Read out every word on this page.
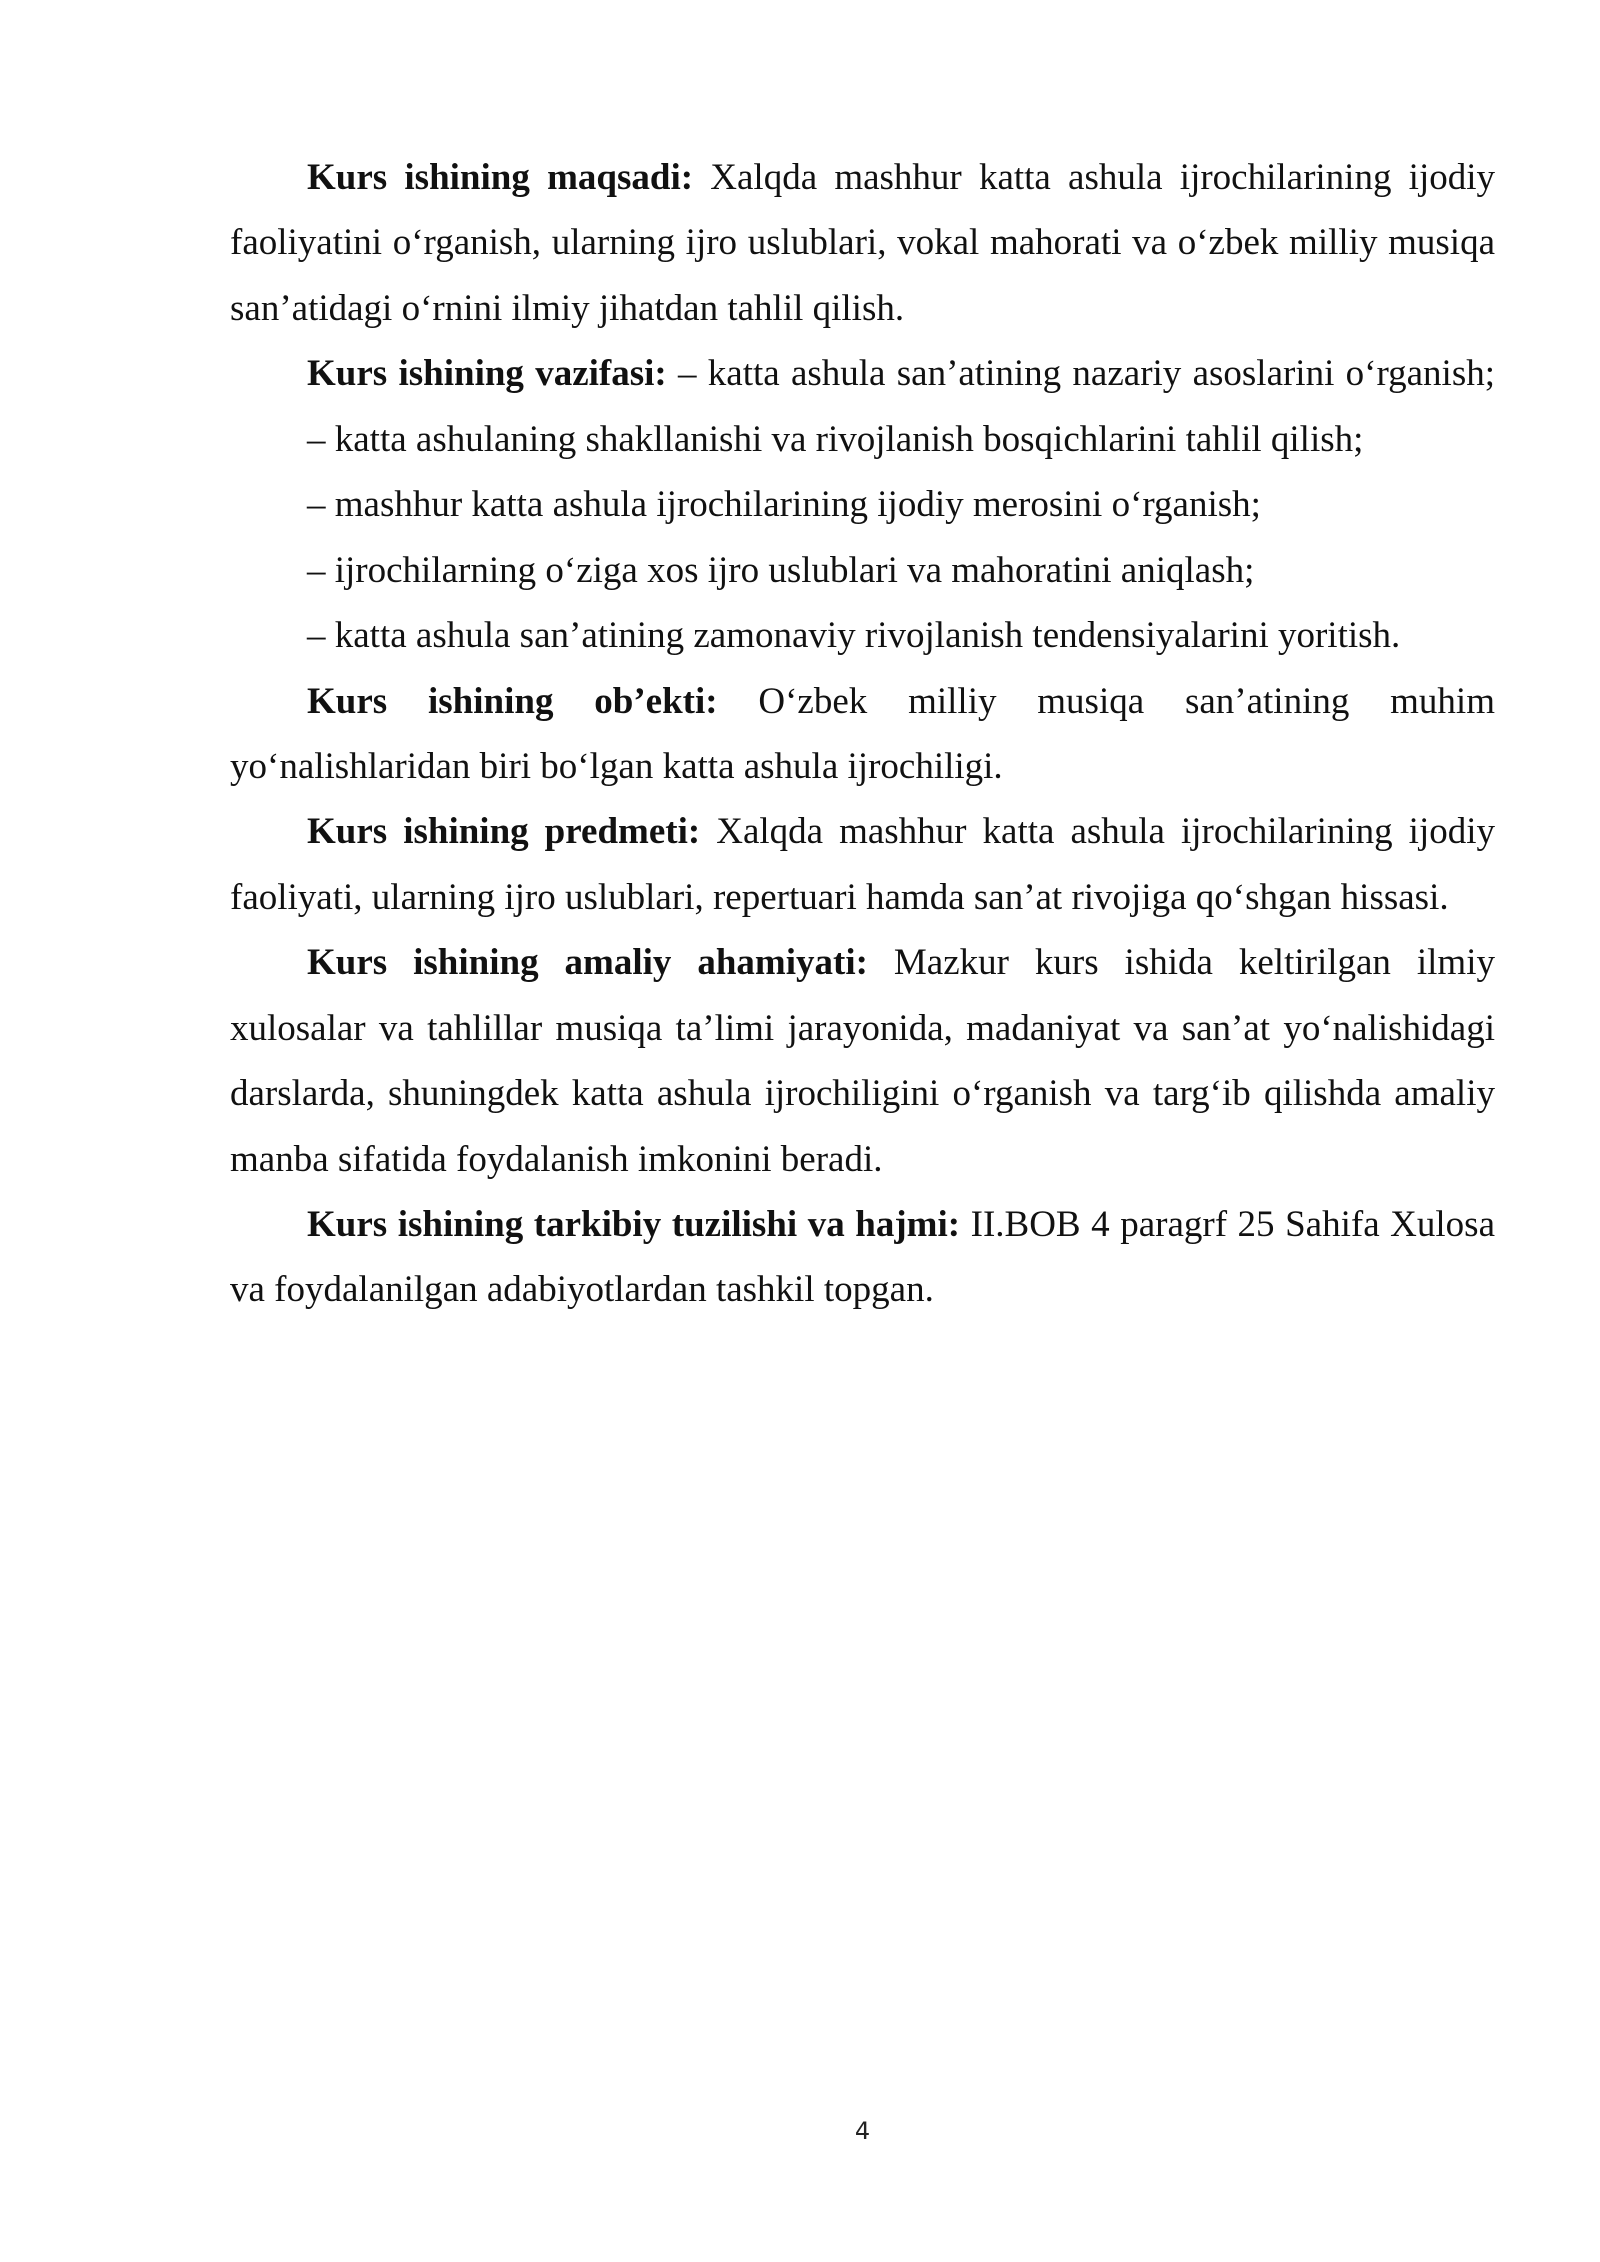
Kurs ishining maqsadi: Xalqda mashhur katta ashula ijrochilarining ijodiy
faoliyatini o‘rganish, ularning ijro uslublari, vokal mahorati va o‘zbek milliy musiqa
san’atidagi o‘rnini ilmiy jihatdan tahlil qilish.
Kurs ishining vazifasi: – katta ashula san’atining nazariy asoslarini o‘rganish;
– katta ashulaning shakllanishi va rivojlanish bosqichlarini tahlil qilish;
– mashhur katta ashula ijrochilarining ijodiy merosini o‘rganish;
– ijrochilarning o‘ziga xos ijro uslublari va mahoratini aniqlash;
– katta ashula san’atining zamonaviy rivojlanish tendensiyalarini yoritish.
Kurs ishining ob’ekti: O‘zbek milliy musiqa san’atining muhim
yo‘nalishlaridan biri bo‘lgan katta ashula ijrochiligi.
Kurs ishining predmeti: Xalqda mashhur katta ashula ijrochilarining ijodiy
faoliyati, ularning ijro uslublari, repertuari hamda san’at rivojiga qo‘shgan hissasi.
Kurs ishining amaliy ahamiyati: Mazkur kurs ishida keltirilgan ilmiy
xulosalar va tahlillar musiqa ta’limi jarayonida, madaniyat va san’at yo‘nalishidagi
darslarda, shuningdek katta ashula ijrochiligini o‘rganish va targ‘ib qilishda amaliy
manba sifatida foydalanish imkonini beradi.
Kurs ishining tarkibiy tuzilishi va hajmi: II.BOB 4 paragrf 25 Sahifa Xulosa
va foydalanilgan adabiyotlardan tashkil topgan.
4
